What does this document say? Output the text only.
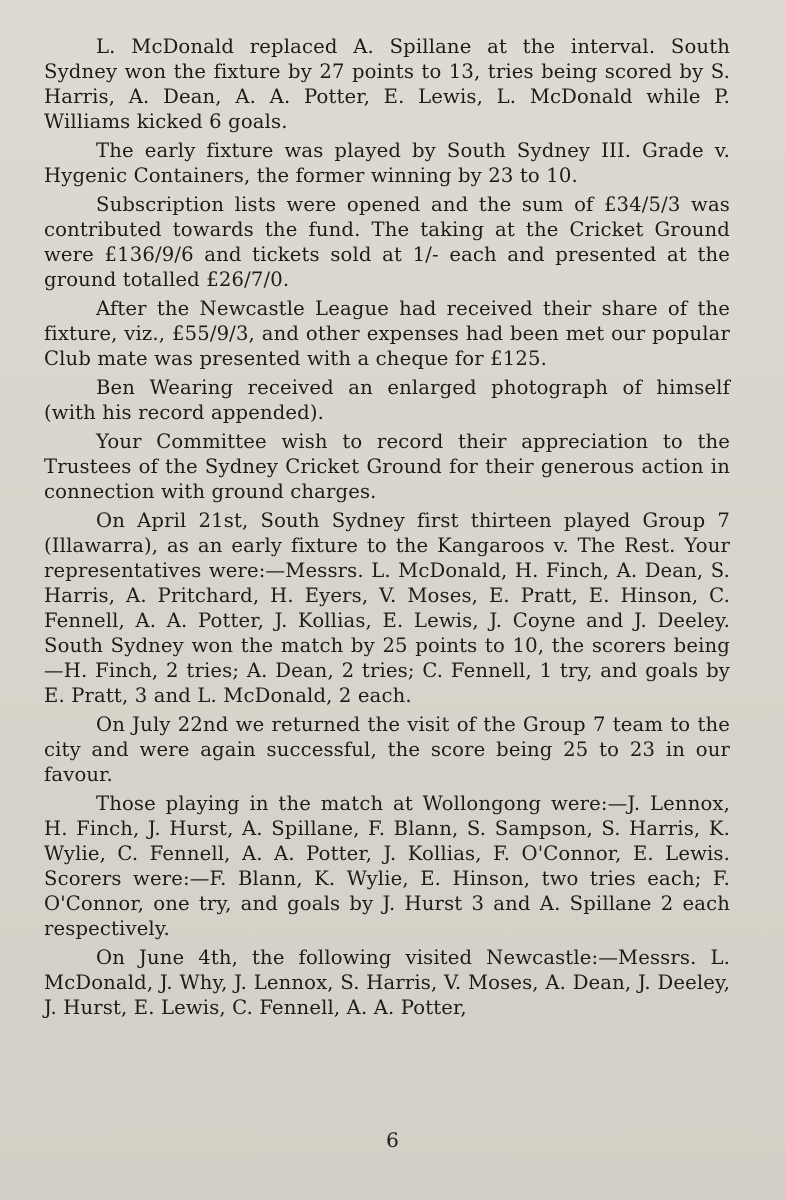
L. McDonald replaced A. Spillane at the interval. South Sydney won the fixture by 27 points to 13, tries being scored by S. Harris, A. Dean, A. A. Potter, E. Lewis, L. McDonald while P. Williams kicked 6 goals.

The early fixture was played by South Sydney III. Grade v. Hygenic Containers, the former winning by 23 to 10.

Subscription lists were opened and the sum of £34/5/3 was contributed towards the fund. The taking at the Cricket Ground were £136/9/6 and tickets sold at 1/- each and presented at the ground totalled £26/7/0.

After the Newcastle League had received their share of the fixture, viz., £55/9/3, and other expenses had been met our popular Club mate was presented with a cheque for £125.

Ben Wearing received an enlarged photograph of himself (with his record appended).

Your Committee wish to record their appreciation to the Trustees of the Sydney Cricket Ground for their generous action in connection with ground charges.

On April 21st, South Sydney first thirteen played Group 7 (Illawarra), as an early fixture to the Kangaroos v. The Rest. Your representatives were:—Messrs. L. McDonald, H. Finch, A. Dean, S. Harris, A. Pritchard, H. Eyers, V. Moses, E. Pratt, E. Hinson, C. Fennell, A. A. Potter, J. Kollias, E. Lewis, J. Coyne and J. Deeley. South Sydney won the match by 25 points to 10, the scorers being—H. Finch, 2 tries; A. Dean, 2 tries; C. Fennell, 1 try, and goals by E. Pratt, 3 and L. McDonald, 2 each.

On July 22nd we returned the visit of the Group 7 team to the city and were again successful, the score being 25 to 23 in our favour.

Those playing in the match at Wollongong were:—J. Lennox, H. Finch, J. Hurst, A. Spillane, F. Blann, S. Sampson, S. Harris, K. Wylie, C. Fennell, A. A. Potter, J. Kollias, F. O'Connor, E. Lewis. Scorers were:—F. Blann, K. Wylie, E. Hinson, two tries each; F. O'Connor, one try, and goals by J. Hurst 3 and A. Spillane 2 each respectively.

On June 4th, the following visited Newcastle:—Messrs. L. McDonald, J. Why, J. Lennox, S. Harris, V. Moses, A. Dean, J. Deeley, J. Hurst, E. Lewis, C. Fennell, A. A. Potter,

6
